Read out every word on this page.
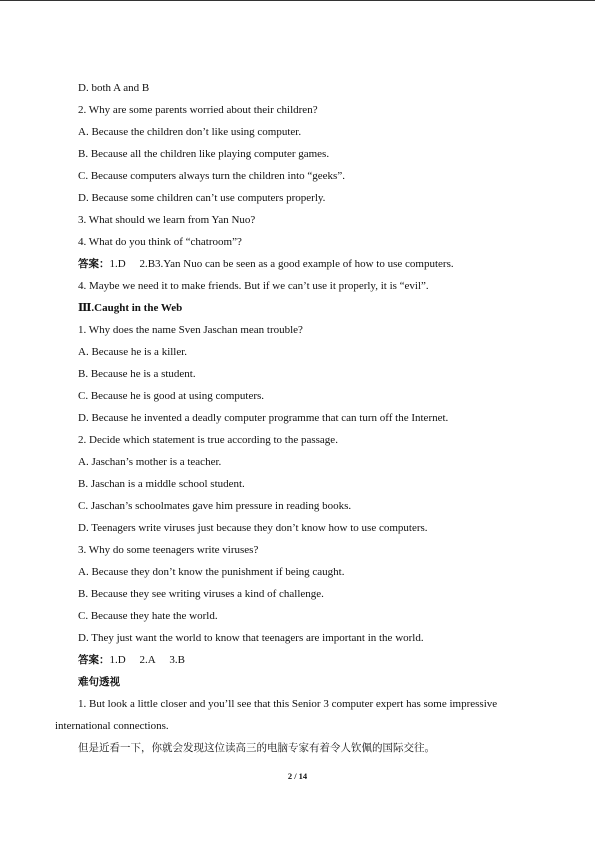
D. both A and B
2. Why are some parents worried about their children?
A. Because the children don’t like using computer.
B. Because all the children like playing computer games.
C. Because computers always turn the children into “geeks”.
D. Because some children can’t use computers properly.
3. What should we learn from Yan Nuo?
4. What do you think of “chatroom”?
答案：1.D  2.B3.Yan Nuo can be seen as a good example of how to use computers.
4. Maybe we need it to make friends. But if we can’t use it properly, it is “evil”.
Ⅲ.Caught in the Web
1. Why does the name Sven Jaschan mean trouble?
A. Because he is a killer.
B. Because he is a student.
C. Because he is good at using computers.
D. Because he invented a deadly computer programme that can turn off the Internet.
2. Decide which statement is true according to the passage.
A. Jaschan’s mother is a teacher.
B. Jaschan is a middle school student.
C. Jaschan’s schoolmates gave him pressure in reading books.
D. Teenagers write viruses just because they don’t know how to use computers.
3. Why do some teenagers write viruses?
A. Because they don’t know the punishment if being caught.
B. Because they see writing viruses a kind of challenge.
C. Because they hate the world.
D. They just want the world to know that teenagers are important in the world.
答案：1.D  2.A  3.B
难句透视
1. But look a little closer and you’ll see that this Senior 3 computer expert has some impressive
international connections.
但是近看一下，你就会发现这位读高三的电脑专家有着令人钦佩的国际交往。
2 / 14
